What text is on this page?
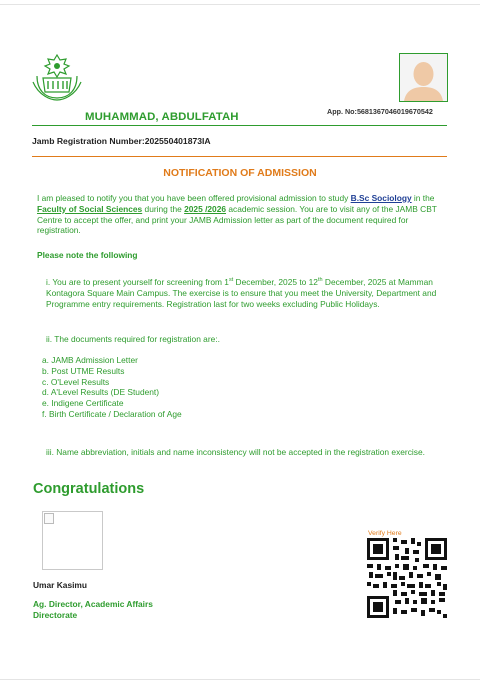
App. No:5681367046019670542
MUHAMMAD, ABDULFATAH
Jamb Registration Number:202550401873IA
NOTIFICATION OF ADMISSION
I am pleased to notify you that you have been offered provisional admission to study B.Sc Sociology in the Faculty of Social Sciences during the 2025 /2026 academic session. You are to visit any of the JAMB CBT Centre to accept the offer, and print your JAMB Admission letter as part of the document required for registration.
Please note the following
i. You are to present yourself for screening from 1st December, 2025 to 12th December, 2025 at Mamman Kontagora Square Main Campus. The exercise is to ensure that you meet the University, Department and Programme entry requirements. Registration last for two weeks excluding Public Holidays.
ii. The documents required for registration are:.
a. JAMB Admission Letter
b. Post UTME Results
c. O'Level Results
d. A'Level Results (DE Student)
e. Indigene Certificate
f. Birth Certificate / Declaration of Age
iii. Name abbreviation, initials and name inconsistency will not be accepted in the registration exercise.
Congratulations
Umar Kasimu
Ag. Director, Academic Affairs
Directorate
Verify Here
